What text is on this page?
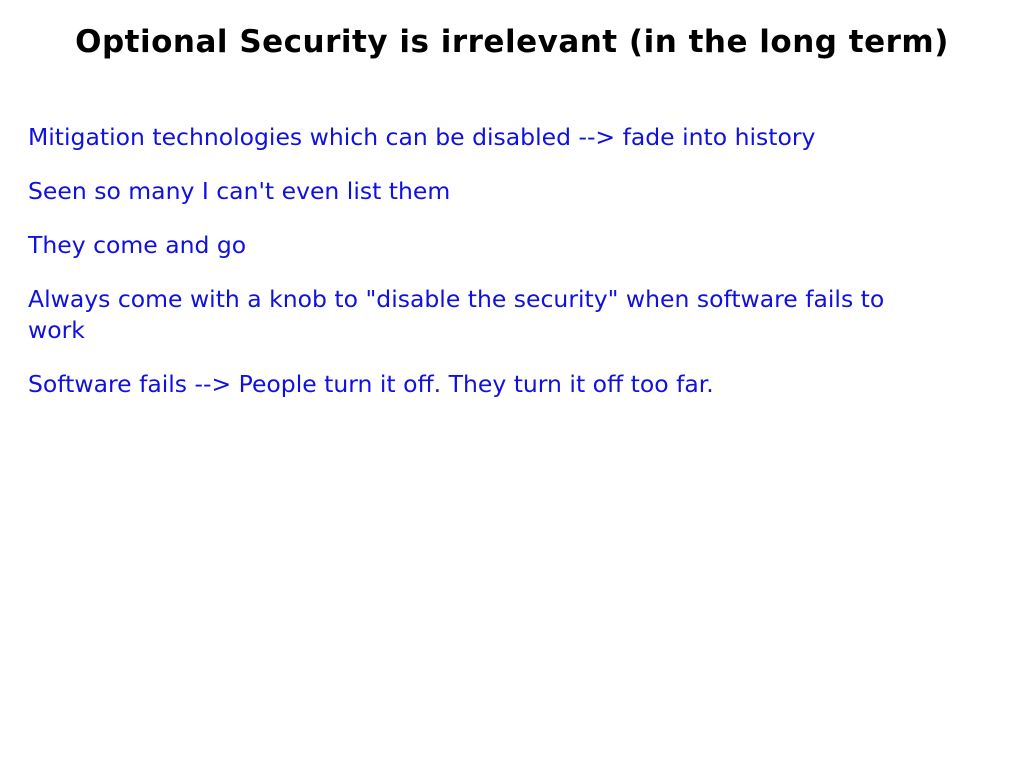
Optional Security is irrelevant (in the long term)
Mitigation technologies which can be disabled --> fade into history
Seen so many I can't even list them
They come and go
Always come with a knob to "disable the security" when software fails to work
Software fails --> People turn it off. They turn it off too far.
